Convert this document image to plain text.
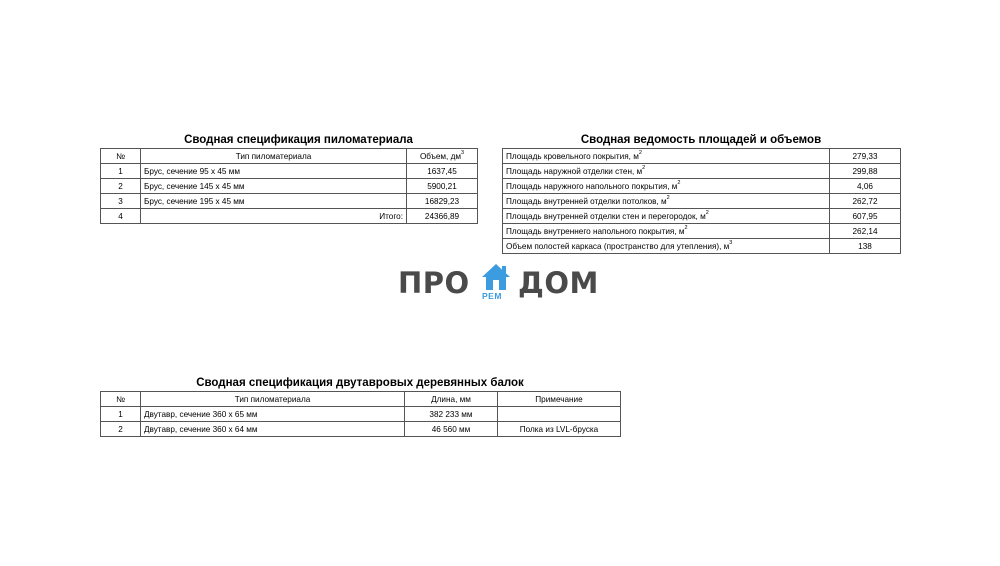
Сводная спецификация пиломатериала
№	Тип пиломатериала	Объем, $дм^3$
1	Брус, сечение 95 х 45 мм	1637,45
2	Брус, сечение 145 х 45 мм	5900,21
3	Брус, сечение 195 х 45 мм	16829,23
4	Итого:	24366,89
Сводная ведомость площадей и объемов
Площадь кровельного покрытия, $м^2$	279,33
Площадь наружной отделки стен, $м^2$	299,88
Площадь наружного напольного покрытия, $м^2$	4,06
Площадь внутренней отделки потолков, $м^2$	262,72
Площадь внутренней отделки стен и перегородок, $м^2$	607,95
Площадь внутреннего напольного покрытия, $м^2$	262,14
Объем полостей каркаса (пространство для утепления), $м^3$	138
ПРО РЕМ ДОМ
Сводная спецификация двутавровых деревянных балок
№	Тип пиломатериала	Длина, мм	Примечание
1	Двутавр, сечение 360 х 65 мм	382 233 мм	
2	Двутавр, сечение 360 х 64 мм	46 560 мм	Полка из LVL-бруска
